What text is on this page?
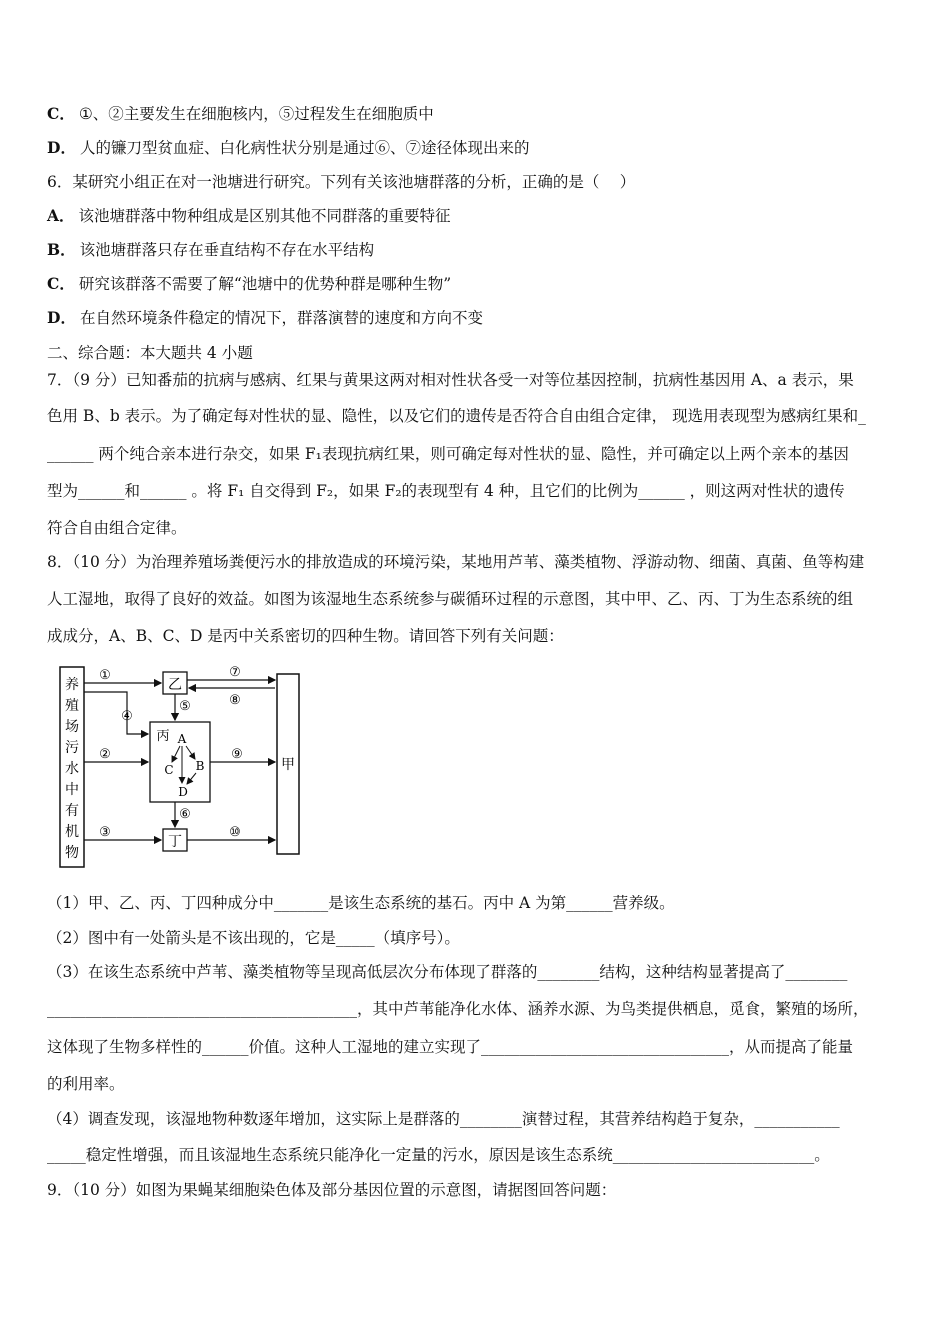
C． ①、②主要发生在细胞核内，⑤过程发生在细胞质中
D． 人的镰刀型贫血症、白化病性状分别是通过⑥、⑦途径体现出来的
6．某研究小组正在对一池塘进行研究。下列有关该池塘群落的分析，正确的是（　 ）
A． 该池塘群落中物种组成是区别其他不同群落的重要特征
B． 该池塘群落只存在垂直结构不存在水平结构
C． 研究该群落不需要了解“池塘中的优势种群是哪种生物”
D． 在自然环境条件稳定的情况下，群落演替的速度和方向不变
二、综合题：本大题共 4 小题
7．（9 分）已知番茄的抗病与感病、红果与黄果这两对相对性状各受一对等位基因控制，抗病性基因用 A、a 表示，果
色用 B、b 表示。为了确定每对性状的显、隐性，以及它们的遗传是否符合自由组合定律， 现选用表现型为感病红果和_
______ 两个纯合亲本进行杂交，如果 F₁表现抗病红果，则可确定每对性状的显、隐性，并可确定以上两个亲本的基因
型为______和______ 。将 F₁ 自交得到 F₂，如果 F₂的表现型有 4 种，且它们的比例为______ ，则这两对性状的遗传
符合自由组合定律。
8．（10 分）为治理养殖场粪便污水的排放造成的环境污染，某地用芦苇、藻类植物、浮游动物、细菌、真菌、鱼等构建
人工湿地，取得了良好的效益。如图为该湿地生态系统参与碳循环过程的示意图，其中甲、乙、丙、丁为生态系统的组
成成分，A、B、C、D 是丙中关系密切的四种生物。请回答下列有关问题：
养
殖
场
污
水
中
有
机
物
乙
丙 A
C B
D
丁
甲
①
④
②
③
⑤
⑥
⑦
⑧
⑨
⑩
（1）甲、乙、丙、丁四种成分中_______是该生态系统的基石。丙中 A 为第______营养级。
（2）图中有一处箭头是不该出现的，它是_____（填序号）。
（3）在该生态系统中芦苇、藻类植物等呈现高低层次分布体现了群落的________结构，这种结构显著提高了________
________________________________________，其中芦苇能净化水体、涵养水源、为鸟类提供栖息，觅食，繁殖的场所，
这体现了生物多样性的______价值。这种人工湿地的建立实现了________________________________，从而提高了能量
的利用率。
（4）调查发现，该湿地物种数逐年增加，这实际上是群落的________演替过程，其营养结构趋于复杂，___________
_____稳定性增强，而且该湿地生态系统只能净化一定量的污水，原因是该生态系统__________________________。
9．（10 分）如图为果蝇某细胞染色体及部分基因位置的示意图，请据图回答问题：
